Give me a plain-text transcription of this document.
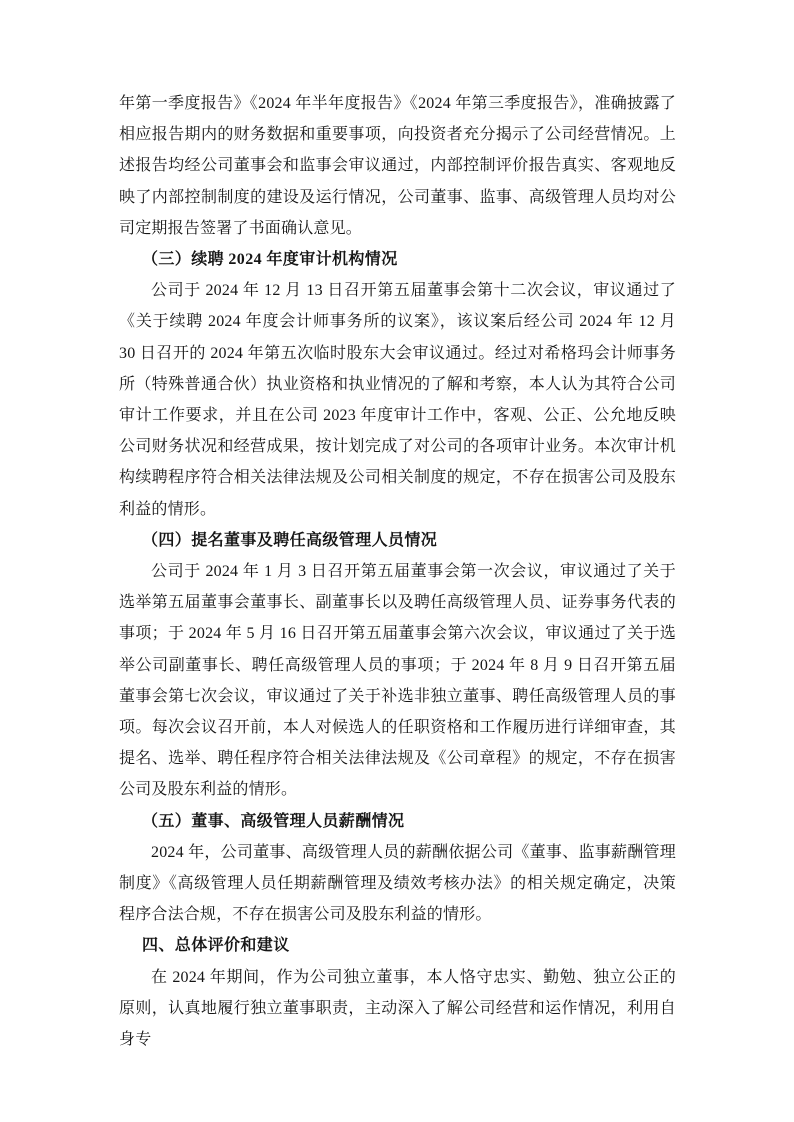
年第一季度报告》《2024 年半年度报告》《2024 年第三季度报告》，准确披露了相应报告期内的财务数据和重要事项，向投资者充分揭示了公司经营情况。上述报告均经公司董事会和监事会审议通过，内部控制评价报告真实、客观地反映了内部控制制度的建设及运行情况，公司董事、监事、高级管理人员均对公司定期报告签署了书面确认意见。

（三）续聘 2024 年度审计机构情况

公司于 2024 年 12 月 13 日召开第五届董事会第十二次会议，审议通过了《关于续聘 2024 年度会计师事务所的议案》，该议案后经公司 2024 年 12 月 30 日召开的 2024 年第五次临时股东大会审议通过。经过对希格玛会计师事务所（特殊普通合伙）执业资格和执业情况的了解和考察，本人认为其符合公司审计工作要求，并且在公司 2023 年度审计工作中，客观、公正、公允地反映公司财务状况和经营成果，按计划完成了对公司的各项审计业务。本次审计机构续聘程序符合相关法律法规及公司相关制度的规定，不存在损害公司及股东利益的情形。

（四）提名董事及聘任高级管理人员情况

公司于 2024 年 1 月 3 日召开第五届董事会第一次会议，审议通过了关于选举第五届董事会董事长、副董事长以及聘任高级管理人员、证券事务代表的事项；于 2024 年 5 月 16 日召开第五届董事会第六次会议，审议通过了关于选举公司副董事长、聘任高级管理人员的事项；于 2024 年 8 月 9 日召开第五届董事会第七次会议，审议通过了关于补选非独立董事、聘任高级管理人员的事项。每次会议召开前，本人对候选人的任职资格和工作履历进行详细审查，其提名、选举、聘任程序符合相关法律法规及《公司章程》的规定，不存在损害公司及股东利益的情形。

（五）董事、高级管理人员薪酬情况

2024 年，公司董事、高级管理人员的薪酬依据公司《董事、监事薪酬管理制度》《高级管理人员任期薪酬管理及绩效考核办法》的相关规定确定，决策程序合法合规，不存在损害公司及股东利益的情形。

四、总体评价和建议

在 2024 年期间，作为公司独立董事，本人恪守忠实、勤勉、独立公正的原则，认真地履行独立董事职责，主动深入了解公司经营和运作情况，利用自身专
